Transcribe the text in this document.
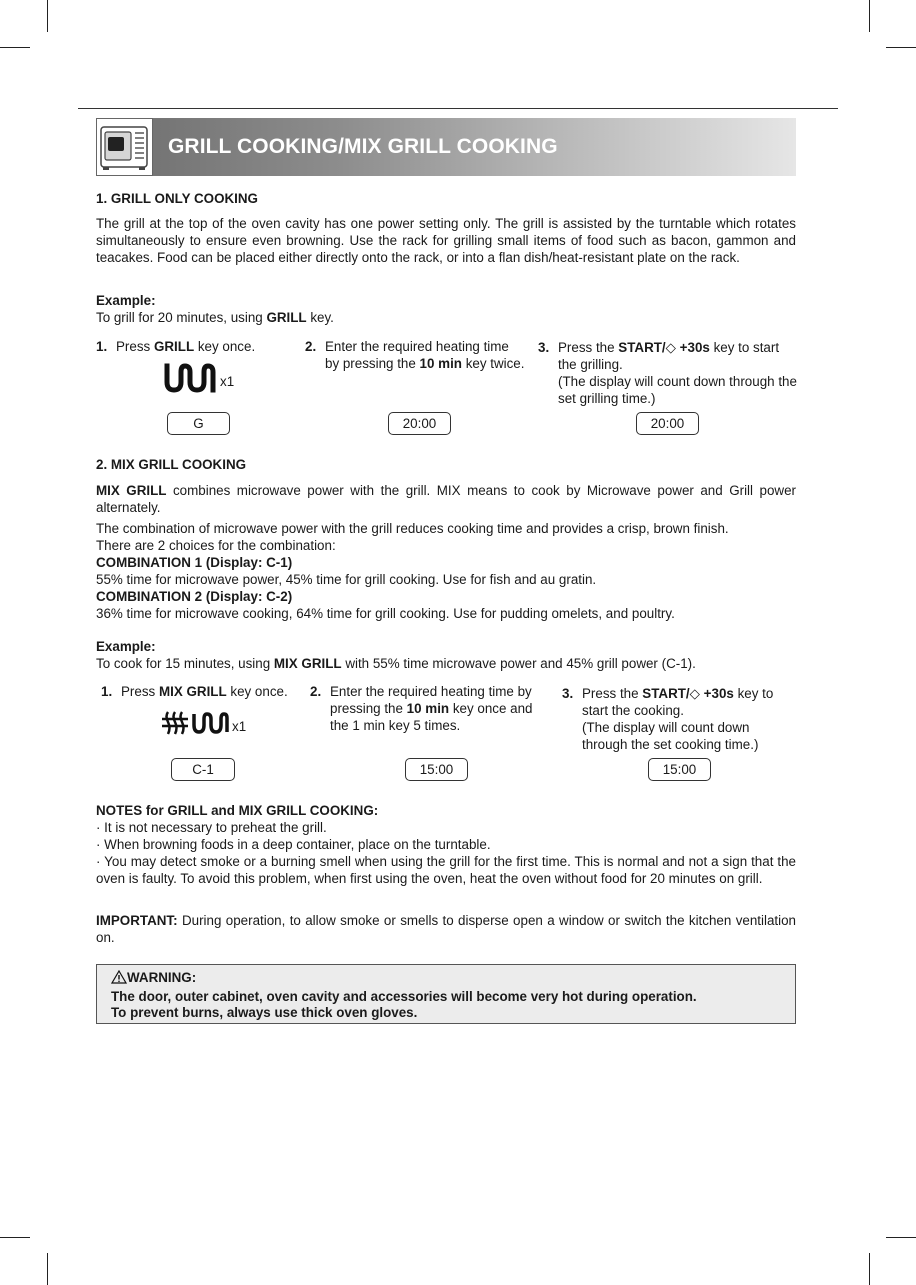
GRILL COOKING/MIX GRILL COOKING
1. GRILL ONLY COOKING
The grill at the top of the oven cavity has one power setting only. The grill is assisted by the turntable which rotates simultaneously to ensure even browning. Use the rack for grilling small items of food such as bacon, gammon and teacakes. Food can be placed either directly onto the rack, or into a flan dish/heat-resistant plate on the rack.
Example:
To grill for 20 minutes, using GRILL key.
1. Press GRILL key once.
x1
2. Enter the required heating time by pressing the 10 min key twice.
3. Press the START/◇ +30s key to start the grilling.
(The display will count down through the set grilling time.)
G	20:00	20:00
2. MIX GRILL COOKING
MIX GRILL combines microwave power with the grill. MIX means to cook by Microwave power and Grill power alternately.
The combination of microwave power with the grill reduces cooking time and provides a crisp, brown finish.
There are 2 choices for the combination:
COMBINATION 1 (Display: C-1)
55% time for microwave power, 45% time for grill cooking. Use for fish and au gratin.
COMBINATION 2 (Display: C-2)
36% time for microwave cooking, 64% time for grill cooking. Use for pudding omelets, and poultry.
Example:
To cook for 15 minutes, using MIX GRILL with 55% time microwave power and 45% grill power (C-1).
1. Press MIX GRILL key once.
x1
2. Enter the required heating time by pressing the 10 min key once and the 1 min key 5 times.
3. Press the START/◇ +30s key to start the cooking.
(The display will count down through the set cooking time.)
C-1	15:00	15:00
NOTES for GRILL and MIX GRILL COOKING:
· It is not necessary to preheat the grill.
· When browning foods in a deep container, place on the turntable.
· You may detect smoke or a burning smell when using the grill for the first time. This is normal and not a sign that the oven is faulty. To avoid this problem, when first using the oven, heat the oven without food for 20 minutes on grill.
IMPORTANT: During operation, to allow smoke or smells to disperse open a window or switch the kitchen ventilation on.
WARNING:
The door, outer cabinet, oven cavity and accessories will become very hot during operation.
To prevent burns, always use thick oven gloves.
